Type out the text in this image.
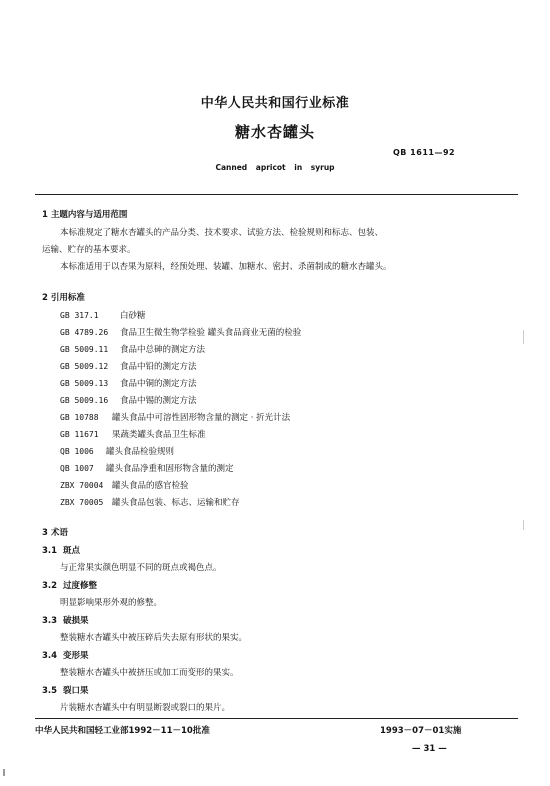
中华人民共和国行业标准
糖水杏罐头
QB 1611—92
Canned apricot in syrup
1 主题内容与适用范围
本标准规定了糖水杏罐头的产品分类、技术要求、试验方法、检验规则和标志、包装、
运输、贮存的基本要求。
本标准适用于以杏果为原料，经预处理、装罐、加糖水、密封、杀菌制成的糖水杏罐头。
2 引用标准
GB 317.1	白砂糖
GB 4789.26 食品卫生微生物学检验 罐头食品商业无菌的检验
GB 5009.11 食品中总砷的测定方法
GB 5009.12 食品中铅的测定方法
GB 5009.13 食品中铜的测定方法
GB 5009.16 食品中锡的测定方法
GB 10788 罐头食品中可溶性固形物含量的测定 · 折光计法
GB 11671 果蔬类罐头食品卫生标准
QB 1006 罐头食品检验规则
QB 1007 罐头食品净重和固形物含量的测定
ZBX 70004 罐头食品的感官检验
ZBX 70005 罐头食品包装、标志、运输和贮存
3 术语
3.1 斑点
与正常果实颜色明显不同的斑点或褐色点。
3.2 过度修整
明显影响果形外观的修整。
3.3 破损果
整装糖水杏罐头中被压碎后失去原有形状的果实。
3.4 变形果
整装糖水杏罐头中被挤压或加工而变形的果实。
3.5 裂口果
片装糖水杏罐头中有明显断裂或裂口的果片。
中华人民共和国轻工业部1992－11－10批准	1993－07－01实施
— 31 —
